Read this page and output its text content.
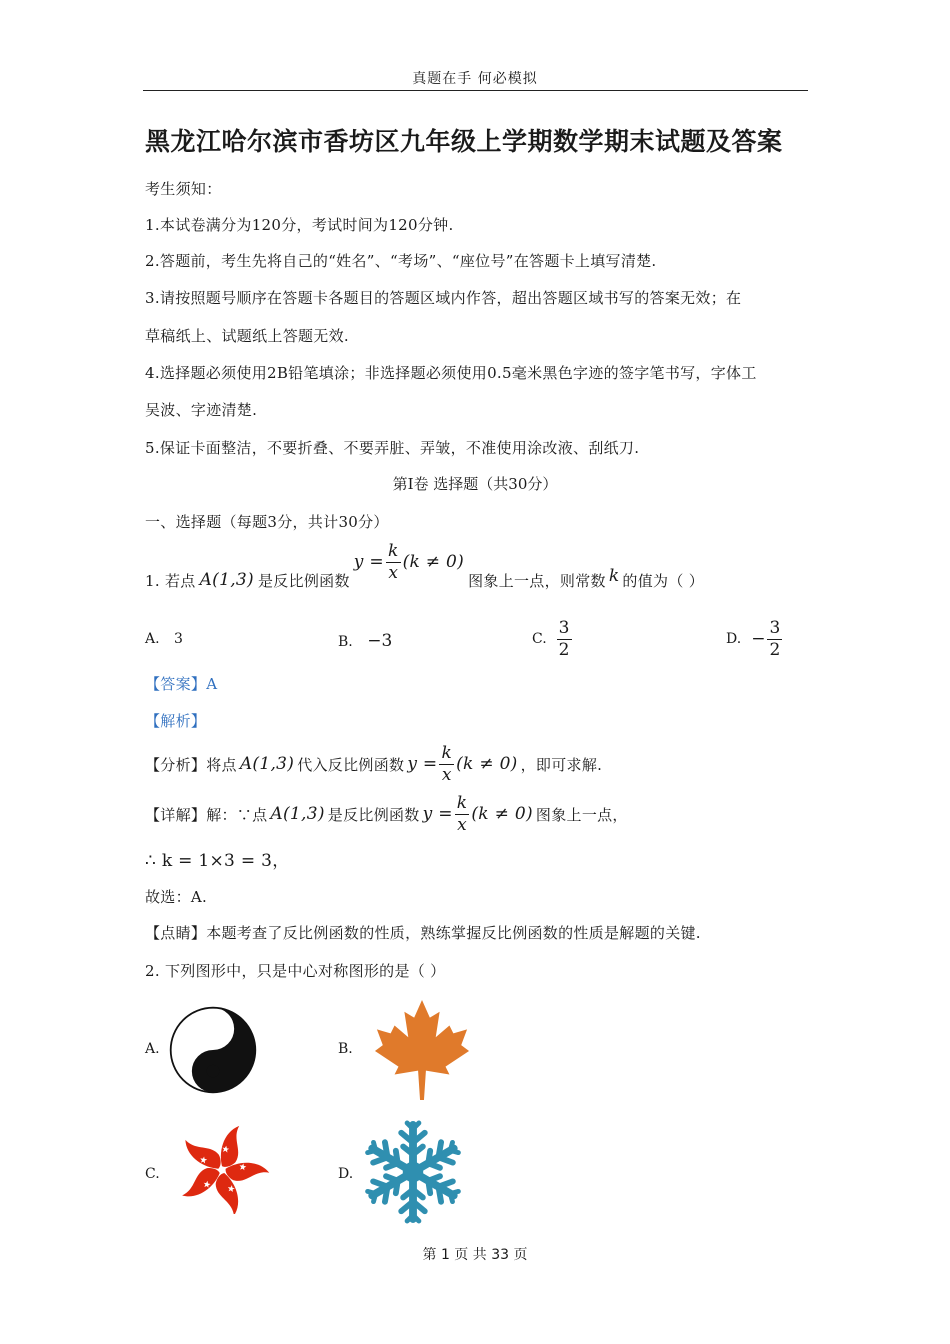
真题在手 何必模拟
黑龙江哈尔滨市香坊区九年级上学期数学期末试题及答案
考生须知：
1.本试卷满分为120分，考试时间为120分钟.
2.答题前，考生先将自己的“姓名”、“考场”、“座位号”在答题卡上填写清楚.
3.请按照题号顺序在答题卡各题目的答题区域内作答，超出答题区域书写的答案无效；在
草稿纸上、试题纸上答题无效.
4.选择题必须使用2B铅笔填涂；非选择题必须使用0.5毫米黑色字迹的签字笔书写，字体工
吴波、字迹清楚.
5.保证卡面整洁，不要折叠、不要弄脏、弄皱，不准使用涂改液、刮纸刀.
第Ⅰ卷 选择题（共30分）
一、选择题（每题3分，共计30分）
1. 若点 A(1,3) 是反比例函数
$y = \frac{k}{x} (k \ne 0)$
图象上一点，则常数 k 的值为（ ）
A. 3	B. −3	C. $\frac{3}{2}$	D. − $\frac{3}{2}$
【答案】A
【解析】
【分析】 将点 A(1,3) 代入反比例函数 $y = \frac{k}{x} (k \ne 0)$ ，即可求解.
【详解】 解：∵点 A(1,3) 是反比例函数 $y = \frac{k}{x} (k \ne 0)$ 图象上一点，
∴ k = 1×3 = 3，
故选：A.
【点睛】本题考查了反比例函数的性质，熟练掌握反比例函数的性质是解题的关键.
2. 下列图形中，只是中心对称图形的是（ ）
A.	B.
C.	D.
第 1 页 共 33 页
